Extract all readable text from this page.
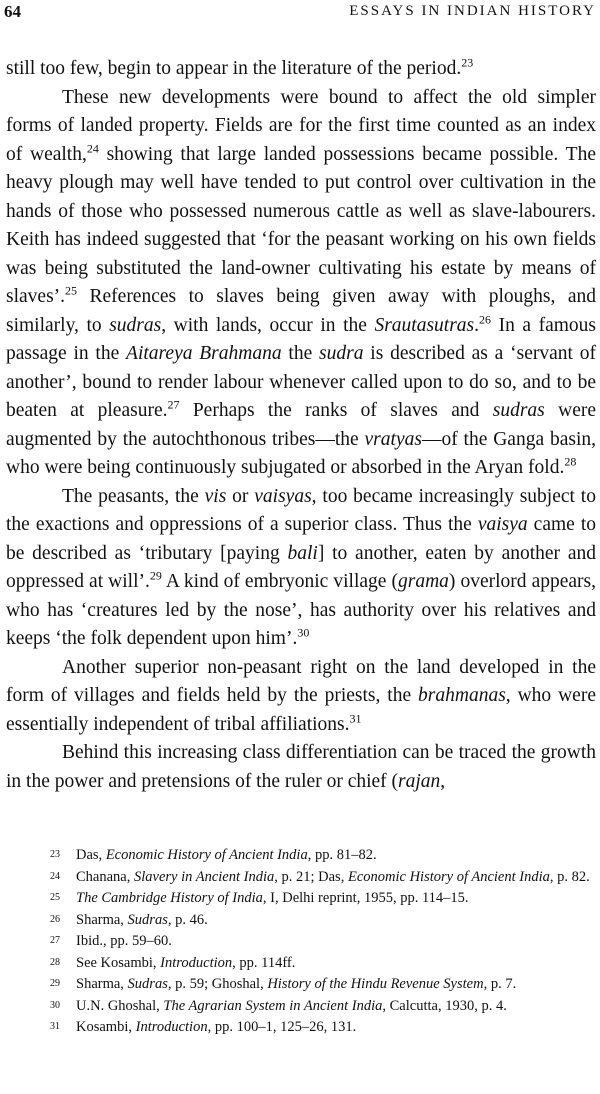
64	ESSAYS IN INDIAN HISTORY

still too few, begin to appear in the literature of the period.$^{23}$

These new developments were bound to affect the old simpler forms of landed property. Fields are for the first time counted as an index of wealth,$^{24}$ showing that large landed possessions became possible. The heavy plough may well have tended to put control over cultivation in the hands of those who possessed numerous cattle as well as slave-labourers. Keith has indeed suggested that ‘for the peasant working on his own fields was being substituted the land-owner cultivating his estate by means of slaves’.$^{25}$ References to slaves being given away with ploughs, and similarly, to sudras, with lands, occur in the Srautasutras.$^{26}$ In a famous passage in the Aitareya Brahmana the sudra is described as a ‘servant of another’, bound to render labour whenever called upon to do so, and to be beaten at pleasure.$^{27}$ Perhaps the ranks of slaves and sudras were augmented by the autochthonous tribes—the vratyas—of the Ganga basin, who were being continuously subjugated or absorbed in the Aryan fold.$^{28}$

The peasants, the vis or vaisyas, too became increasingly subject to the exactions and oppressions of a superior class. Thus the vaisya came to be described as ‘tributary [paying bali] to another, eaten by another and oppressed at will’.$^{29}$ A kind of embryonic village (grama) overlord appears, who has ‘creatures led by the nose’, has authority over his relatives and keeps ‘the folk dependent upon him’.$^{30}$

Another superior non-peasant right on the land developed in the form of villages and fields held by the priests, the brahmanas, who were essentially independent of tribal affiliations.$^{31}$

Behind this increasing class differentiation can be traced the growth in the power and pretensions of the ruler or chief (rajan,

23 Das, Economic History of Ancient India, pp. 81–82.
24 Chanana, Slavery in Ancient India, p. 21; Das, Economic History of Ancient India, p. 82.
25 The Cambridge History of India, I, Delhi reprint, 1955, pp. 114–15.
26 Sharma, Sudras, p. 46.
27 Ibid., pp. 59–60.
28 See Kosambi, Introduction, pp. 114ff.
29 Sharma, Sudras, p. 59; Ghoshal, History of the Hindu Revenue System, p. 7.
30 U.N. Ghoshal, The Agrarian System in Ancient India, Calcutta, 1930, p. 4.
31 Kosambi, Introduction, pp. 100–1, 125–26, 131.
